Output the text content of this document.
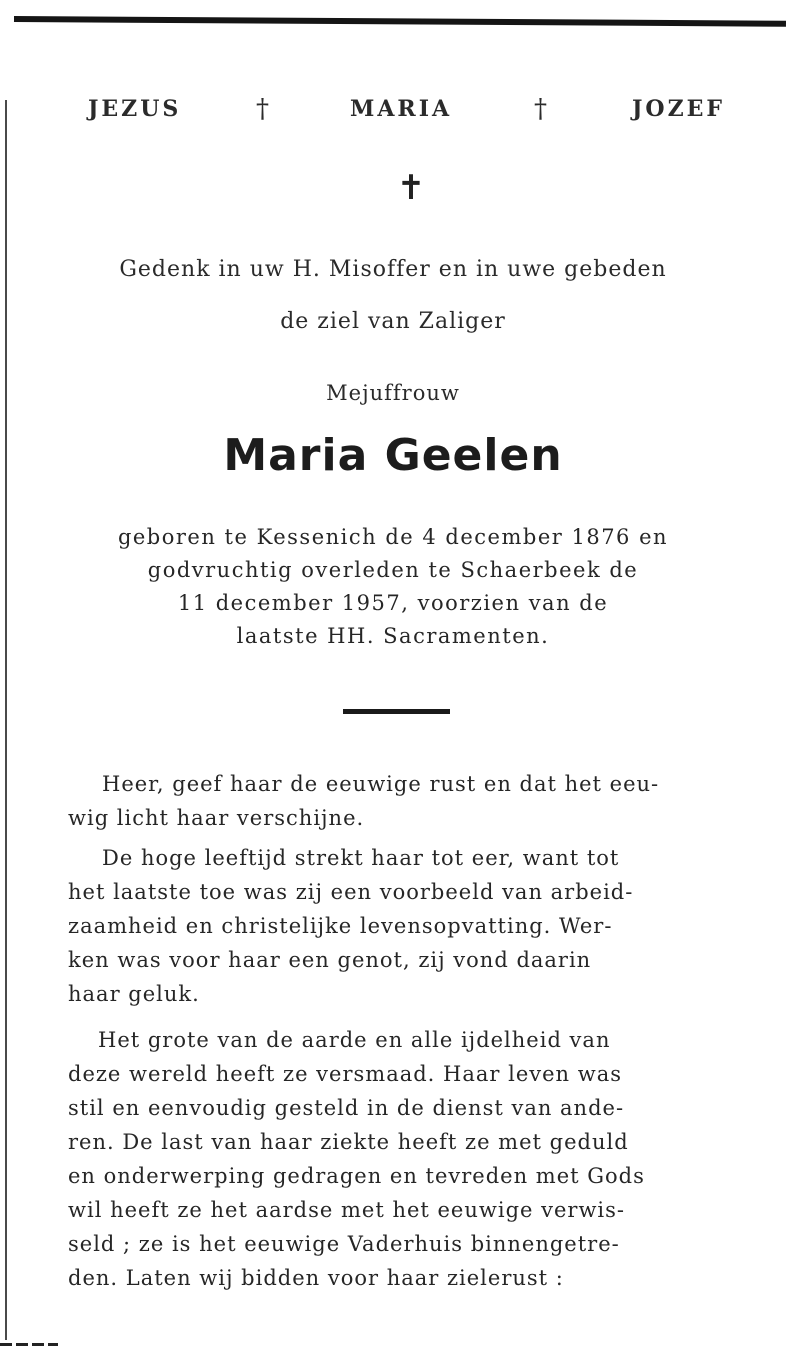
JEZUS	†	MARIA	†	JOZEF
✝
Gedenk in uw H. Misoffer en in uwe gebeden
de ziel van Zaliger
Mejuffrouw
Maria Geelen
geboren te Kessenich de 4 december 1876 en
godvruchtig overleden te Schaerbeek de
11 december 1957, voorzien van de
laatste HH. Sacramenten.
Heer, geef haar de eeuwige rust en dat het eeu-
wig licht haar verschijne.
De hoge leeftijd strekt haar tot eer, want tot
het laatste toe was zij een voorbeeld van arbeid-
zaamheid en christelijke levensopvatting. Wer-
ken was voor haar een genot, zij vond daarin
haar geluk.
Het grote van de aarde en alle ijdelheid van
deze wereld heeft ze versmaad. Haar leven was
stil en eenvoudig gesteld in de dienst van ande-
ren. De last van haar ziekte heeft ze met geduld
en onderwerping gedragen en tevreden met Gods
wil heeft ze het aardse met het eeuwige verwis-
seld ; ze is het eeuwige Vaderhuis binnengetre-
den. Laten wij bidden voor haar zielerust :
